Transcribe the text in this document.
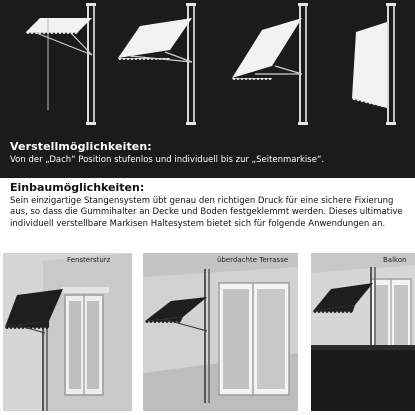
Verstellmöglichkeiten:

Von der „Dach“ Position stufenlos und individuell bis zur „Seitenmarkise“.

Einbaumöglichkeiten:

Sein einzigartige Stangensystem übt genau den richtigen Druck für eine sichere Fixierung aus, so dass die Gummihalter an Decke und Boden festgeklemmt werden. Dieses ultimative individuell verstellbare Markisen Haltesystem bietet sich für folgende Anwendungen an.

Fenstersturz	überdachte Terrasse	Balkon
